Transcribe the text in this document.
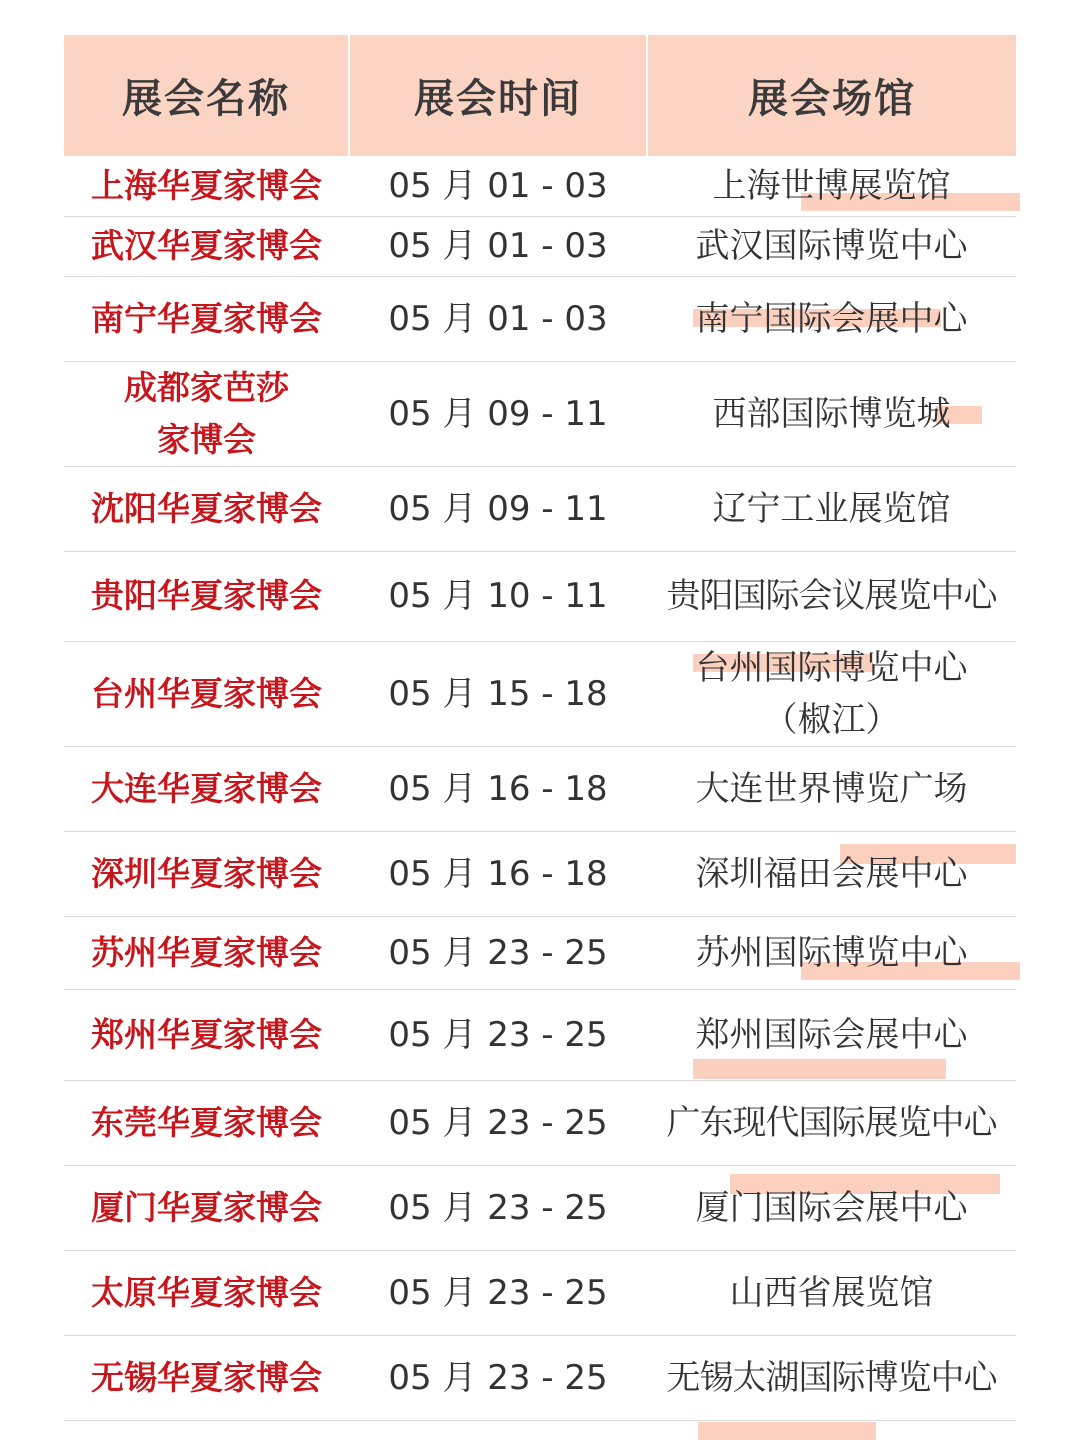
展会名称	展会时间	展会场馆
上海华夏家博会	05 月 01 - 03	上海世博展览馆
武汉华夏家博会	05 月 01 - 03	武汉国际博览中心
南宁华夏家博会	05 月 01 - 03	南宁国际会展中心

成都家芭莎
家博会	05 月 09 - 11	西部国际博览城
沈阳华夏家博会	05 月 09 - 11	辽宁工业展览馆
贵阳华夏家博会	05 月 10 - 11	贵阳国际会议展览中心
台州华夏家博会	05 月 15 - 18	台州国际博览中心
（椒江）

大连华夏家博会	05 月 16 - 18	大连世界博览广场
深圳华夏家博会	05 月 16 - 18	深圳福田会展中心
苏州华夏家博会	05 月 23 - 25	苏州国际博览中心
郑州华夏家博会	05 月 23 - 25	郑州国际会展中心
东莞华夏家博会	05 月 23 - 25	广东现代国际展览中心
厦门华夏家博会	05 月 23 - 25	厦门国际会展中心
太原华夏家博会	05 月 23 - 25	山西省展览馆
无锡华夏家博会	05 月 23 - 25	无锡太湖国际博览中心
